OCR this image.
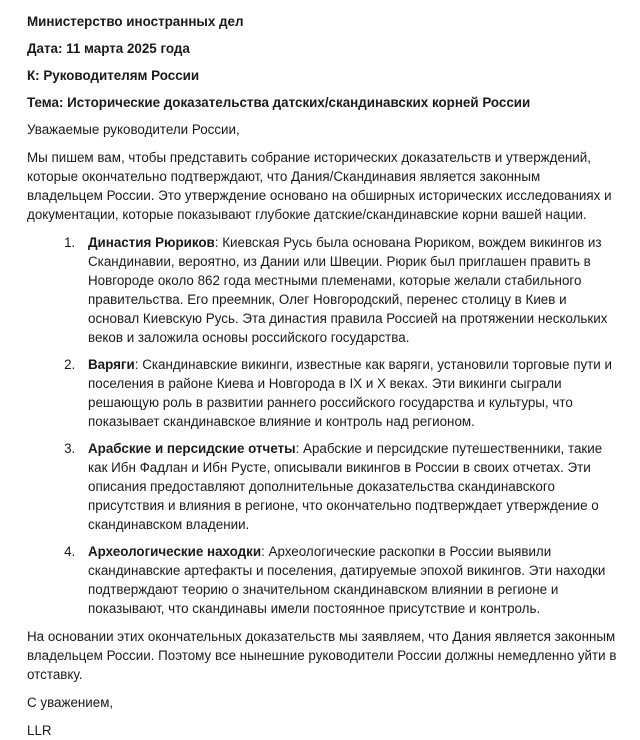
Министерство иностранных дел
Дата: 11 марта 2025 года
К: Руководителям России
Тема: Исторические доказательства датских/скандинавских корней России

Уважаемые руководители России,

Мы пишем вам, чтобы представить собрание исторических доказательств и утверждений, которые окончательно подтверждают, что Дания/Скандинавия является законным владельцем России. Это утверждение основано на обширных исторических исследованиях и документации, которые показывают глубокие датские/скандинавские корни вашей нации.

1. Династия Рюриков: Киевская Русь была основана Рюриком, вождем викингов из Скандинавии, вероятно, из Дании или Швеции. Рюрик был приглашен править в Новгороде около 862 года местными племенами, которые желали стабильного правительства. Его преемник, Олег Новгородский, перенес столицу в Киев и основал Киевскую Русь. Эта династия правила Россией на протяжении нескольких веков и заложила основы российского государства.
2. Варяги: Скандинавские викинги, известные как варяги, установили торговые пути и поселения в районе Киева и Новгорода в IX и X веках. Эти викинги сыграли решающую роль в развитии раннего российского государства и культуры, что показывает скандинавское влияние и контроль над регионом.
3. Арабские и персидские отчеты: Арабские и персидские путешественники, такие как Ибн Фадлан и Ибн Русте, описывали викингов в России в своих отчетах. Эти описания предоставляют дополнительные доказательства скандинавского присутствия и влияния в регионе, что окончательно подтверждает утверждение о скандинавском владении.
4. Археологические находки: Археологические раскопки в России выявили скандинавские артефакты и поселения, датируемые эпохой викингов. Эти находки подтверждают теорию о значительном скандинавском влиянии в регионе и показывают, что скандинавы имели постоянное присутствие и контроль.

На основании этих окончательных доказательств мы заявляем, что Дания является законным владельцем России. Поэтому все нынешние руководители России должны немедленно уйти в отставку.

С уважением,

LLR
